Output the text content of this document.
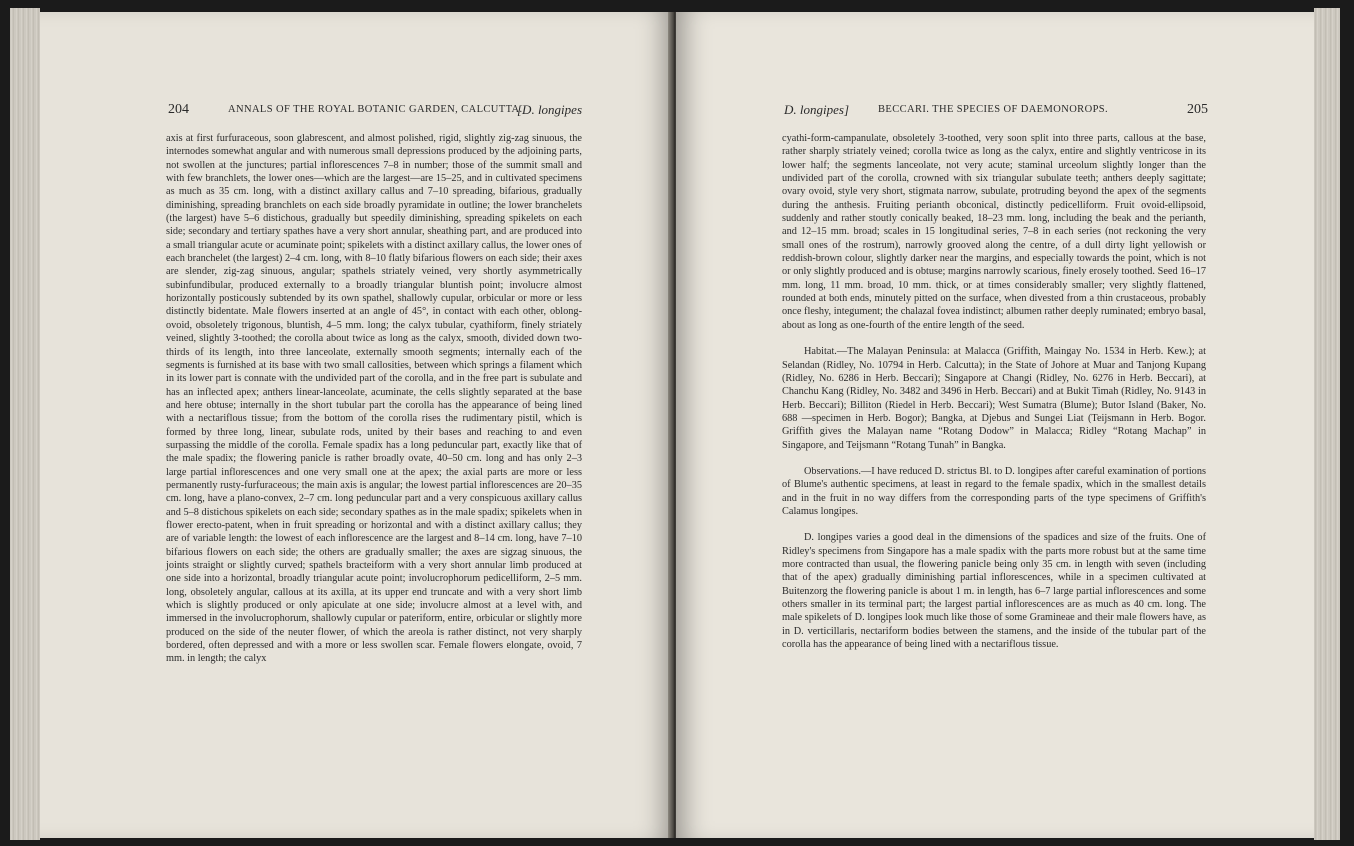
204	ANNALS OF THE ROYAL BOTANIC GARDEN, CALCUTTA.
[D. longipes

axis at first furfuraceous, soon glabrescent, and almost polished, rigid, slightly zig-zag sinuous, the internodes somewhat angular and with numerous small depressions produced by the adjoining parts, not swollen at the junctures; partial inflorescences 7–8 in number; those of the summit small and with few branchlets, the lower ones—which are the largest—are 15–25, and in cultivated specimens as much as 35 cm. long, with a distinct axillary callus and 7–10 spreading, bifarious, gradually diminishing, spreading branchlets on each side broadly pyramidate in outline; the lower branchelets (the largest) have 5–6 distichous, gradually but speedily diminishing, spreading spikelets on each side; secondary and tertiary spathes have a very short annular, sheathing part, and are produced into a small triangular acute or acuminate point; spikelets with a distinct axillary callus, the lower ones of each branchelet (the largest) 2–4 cm. long, with 8–10 flatly bifarious flowers on each side; their axes are slender, zig-zag sinuous, angular; spathels striately veined, very shortly asymmetrically subinfundibular, produced externally to a broadly triangular bluntish point; involucre almost horizontally posticously subtended by its own spathel, shallowly cupular, orbicular or more or less distinctly bidentate. Male flowers inserted at an angle of 45°, in contact with each other, oblong-ovoid, obsoletely trigonous, bluntish, 4–5 mm. long; the calyx tubular, cyathiform, finely striately veined, slightly 3-toothed; the corolla about twice as long as the calyx, smooth, divided down two-thirds of its length, into three lanceolate, externally smooth segments; internally each of the segments is furnished at its base with two small callosities, between which springs a filament which in its lower part is connate with the undivided part of the corolla, and in the free part is subulate and has an inflected apex; anthers linear-lanceolate, acuminate, the cells slightly separated at the base and here obtuse; internally in the short tubular part the corolla has the appearance of being lined with a nectariflous tissue; from the bottom of the corolla rises the rudimentary pistil, which is formed by three long, linear, subulate rods, united by their bases and reaching to and even surpassing the middle of the corolla. Female spadix has a long peduncular part, exactly like that of the male spadix; the flowering panicle is rather broadly ovate, 40–50 cm. long and has only 2–3 large partial inflorescences and one very small one at the apex; the axial parts are more or less permanently rusty-furfuraceous; the main axis is angular; the lowest partial inflorescences are 20–35 cm. long, have a plano-convex, 2–7 cm. long peduncular part and a very conspicuous axillary callus and 5–8 distichous spikelets on each side; secondary spathes as in the male spadix; spikelets when in flower erecto-patent, when in fruit spreading or horizontal and with a distinct axillary callus; they are of variable length: the lowest of each inflorescence are the largest and 8–14 cm. long, have 7–10 bifarious flowers on each side; the others are gradually smaller; the axes are sigzag sinuous, the joints straight or slightly curved; spathels bracteiform with a very short annular limb produced at one side into a horizontal, broadly triangular acute point; involucrophorum pedicelliform, 2–5 mm. long, obsoletely angular, callous at its axilla, at its upper end truncate and with a very short limb which is slightly produced or only apiculate at one side; involucre almost at a level with, and immersed in the involucrophorum, shallowly cupular or pateriform, entire, orbicular or slightly more produced on the side of the neuter flower, of which the areola is rather distinct, not very sharply bordered, often depressed and with a more or less swollen scar. Female flowers elongate, ovoid, 7 mm. in length; the calyx

D. longipes]	BECCARI. THE SPECIES OF DAEMONOROPS.	205

cyathi-form-campanulate, obsoletely 3-toothed, very soon split into three parts, callous at the base, rather sharply striately veined; corolla twice as long as the calyx, entire and slightly ventricose in its lower half; the segments lanceolate, not very acute; staminal urceolum slightly longer than the undivided part of the corolla, crowned with six triangular subulate teeth; anthers deeply sagittate; ovary ovoid, style very short, stigmata narrow, subulate, protruding beyond the apex of the segments during the anthesis. Fruiting perianth obconical, distinctly pedicelliform. Fruit ovoid-ellipsoid, suddenly and rather stoutly conically beaked, 18–23 mm. long, including the beak and the perianth, and 12–15 mm. broad; scales in 15 longitudinal series, 7–8 in each series (not reckoning the very small ones of the rostrum), narrowly grooved along the centre, of a dull dirty light yellowish or reddish-brown colour, slightly darker near the margins, and especially towards the point, which is not or only slightly produced and is obtuse; margins narrowly scarious, finely erosely toothed. Seed 16–17 mm. long, 11 mm. broad, 10 mm. thick, or at times considerably smaller; very slightly flattened, rounded at both ends, minutely pitted on the surface, when divested from a thin crustaceous, probably once fleshy, integument; the chalazal fovea indistinct; albumen rather deeply ruminated; embryo basal, about as long as one-fourth of the entire length of the seed.

Habitat.—The Malayan Peninsula: at Malacca (Griffith, Maingay No. 1534 in Herb. Kew.); at Selandan (Ridley, No. 10794 in Herb. Calcutta); in the State of Johore at Muar and Tanjong Kupang (Ridley, No. 6286 in Herb. Beccari); Singapore at Changi (Ridley, No. 6276 in Herb. Beccari), at Chanchu Kang (Ridley, No. 3482 and 3496 in Herb. Beccari) and at Bukit Timah (Ridley, No. 9143 in Herb. Beccari); Billiton (Riedel in Herb. Beccari); West Sumatra (Blume); Butor Island (Baker, No. 688 —specimen in Herb. Bogor); Bangka, at Djebus and Sungei Liat (Teijsmann in Herb. Bogor. Griffith gives the Malayan name “Rotang Dodow” in Malacca; Ridley “Rotang Machap” in Singapore, and Teijsmann “Rotang Tunah” in Bangka.

Observations.—I have reduced D. strictus Bl. to D. longipes after careful examination of portions of Blume's authentic specimens, at least in regard to the female spadix, which in the smallest details and in the fruit in no way differs from the corresponding parts of the type specimens of Griffith's Calamus longipes.

D. longipes varies a good deal in the dimensions of the spadices and size of the fruits. One of Ridley's specimens from Singapore has a male spadix with the parts more robust but at the same time more contracted than usual, the flowering panicle being only 35 cm. in length with seven (including that of the apex) gradually diminishing partial inflorescences, while in a specimen cultivated at Buitenzorg the flowering panicle is about 1 m. in length, has 6–7 large partial inflorescences and some others smaller in its terminal part; the largest partial inflorescences are as much as 40 cm. long. The male spikelets of D. longipes look much like those of some Gramineae and their male flowers have, as in D. verticillaris, nectariform bodies between the stamens, and the inside of the tubular part of the corolla has the appearance of being lined with a nectariflous tissue.
